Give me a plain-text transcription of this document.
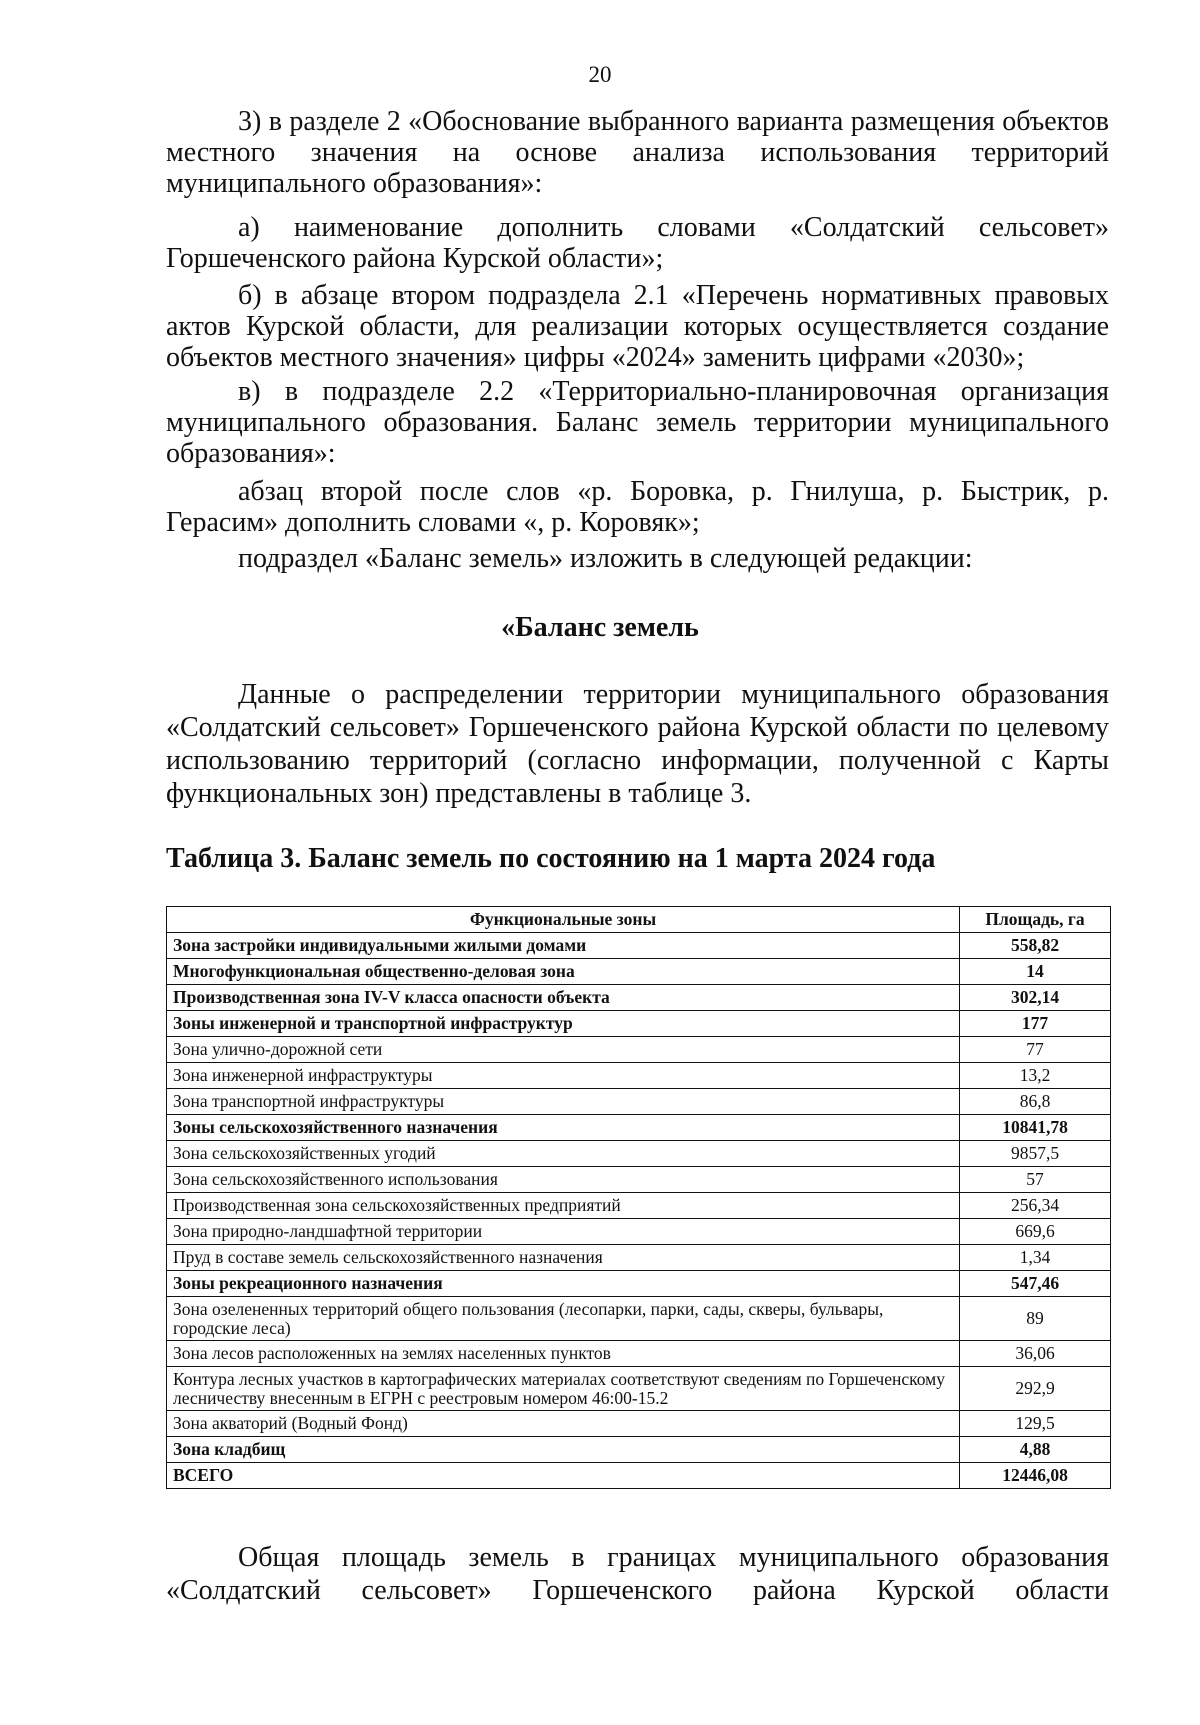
20

3) в разделе 2 «Обоснование выбранного варианта размещения объектов местного значения на основе анализа использования территорий муниципального образования»:

а) наименование дополнить словами «Солдатский сельсовет» Горшеченского района Курской области»;

б) в абзаце втором подраздела 2.1 «Перечень нормативных правовых актов Курской области, для реализации которых осуществляется создание объектов местного значения» цифры «2024» заменить цифрами «2030»;

в) в подразделе 2.2 «Территориально-планировочная организация муниципального образования. Баланс земель территории муниципального образования»:

абзац второй после слов «р. Боровка, р. Гнилуша, р. Быстрик, р. Герасим» дополнить словами «, р. Коровяк»;

подраздел «Баланс земель» изложить в следующей редакции:

«Баланс земель

Данные о распределении территории муниципального образования «Солдатский сельсовет» Горшеченского района Курской области по целевому использованию территорий (согласно информации, полученной с Карты функциональных зон) представлены в таблице 3.

Таблица 3. Баланс земель по состоянию на 1 марта 2024 года
Функциональные зоны	Площадь, га
Зона застройки индивидуальными жилыми домами	558,82
Многофункциональная общественно-деловая зона	14
Производственная зона IV-V класса опасности объекта	302,14
Зоны инженерной и транспортной инфраструктур	177
Зона улично-дорожной сети	77
Зона инженерной инфраструктуры	13,2
Зона транспортной инфраструктуры	86,8
Зоны сельскохозяйственного назначения	10841,78
Зона сельскохозяйственных угодий	9857,5
Зона сельскохозяйственного использования	57
Производственная зона сельскохозяйственных предприятий	256,34
Зона природно-ландшафтной территории	669,6
Пруд в составе земель сельскохозяйственного назначения	1,34
Зоны рекреационного назначения	547,46
Зона озелененных территорий общего пользования (лесопарки, парки, сады, скверы, бульвары, городские леса)	89
Зона лесов расположенных на землях населенных пунктов	36,06
Контура лесных участков в картографических материалах соответствуют сведениям по Горшеченскому лесничеству внесенным в ЕГРН с реестровым номером 46:00-15.2	292,9
Зона акваторий (Водный Фонд)	129,5
Зона кладбищ	4,88
ВСЕГО	12446,08

Общая площадь земель в границах муниципального образования «Солдатский сельсовет» Горшеченского района Курской области
